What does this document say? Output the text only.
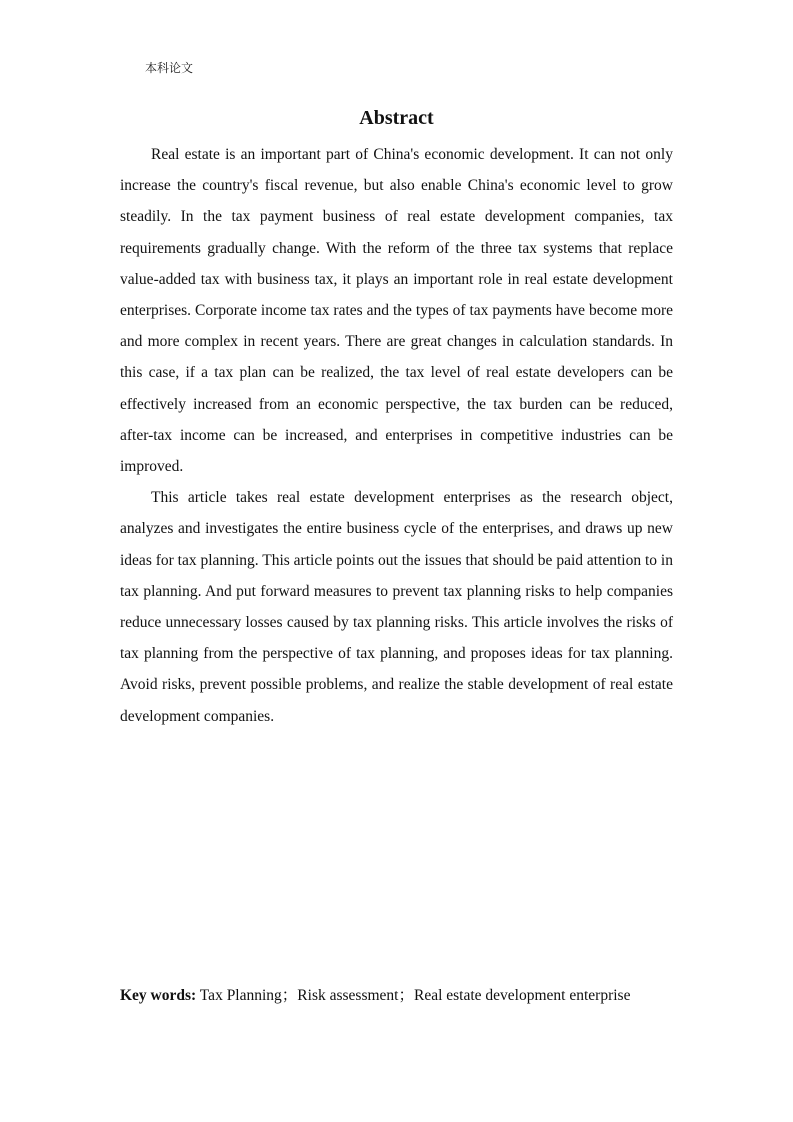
本科论文
Abstract

Real estate is an important part of China's economic development. It can not only increase the country's fiscal revenue, but also enable China's economic level to grow steadily. In the tax payment business of real estate development companies, tax requirements gradually change. With the reform of the three tax systems that replace value-added tax with business tax, it plays an important role in real estate development enterprises. Corporate income tax rates and the types of tax payments have become more and more complex in recent years. There are great changes in calculation standards. In this case, if a tax plan can be realized, the tax level of real estate developers can be effectively increased from an economic perspective, the tax burden can be reduced, after-tax income can be increased, and enterprises in competitive industries can be improved.

This article takes real estate development enterprises as the research object, analyzes and investigates the entire business cycle of the enterprises, and draws up new ideas for tax planning. This article points out the issues that should be paid attention to in tax planning. And put forward measures to prevent tax planning risks to help companies reduce unnecessary losses caused by tax planning risks. This article involves the risks of tax planning from the perspective of tax planning, and proposes ideas for tax planning. Avoid risks, prevent possible problems, and realize the stable development of real estate development companies.

Key words: Tax Planning；Risk assessment；Real estate development enterprise
